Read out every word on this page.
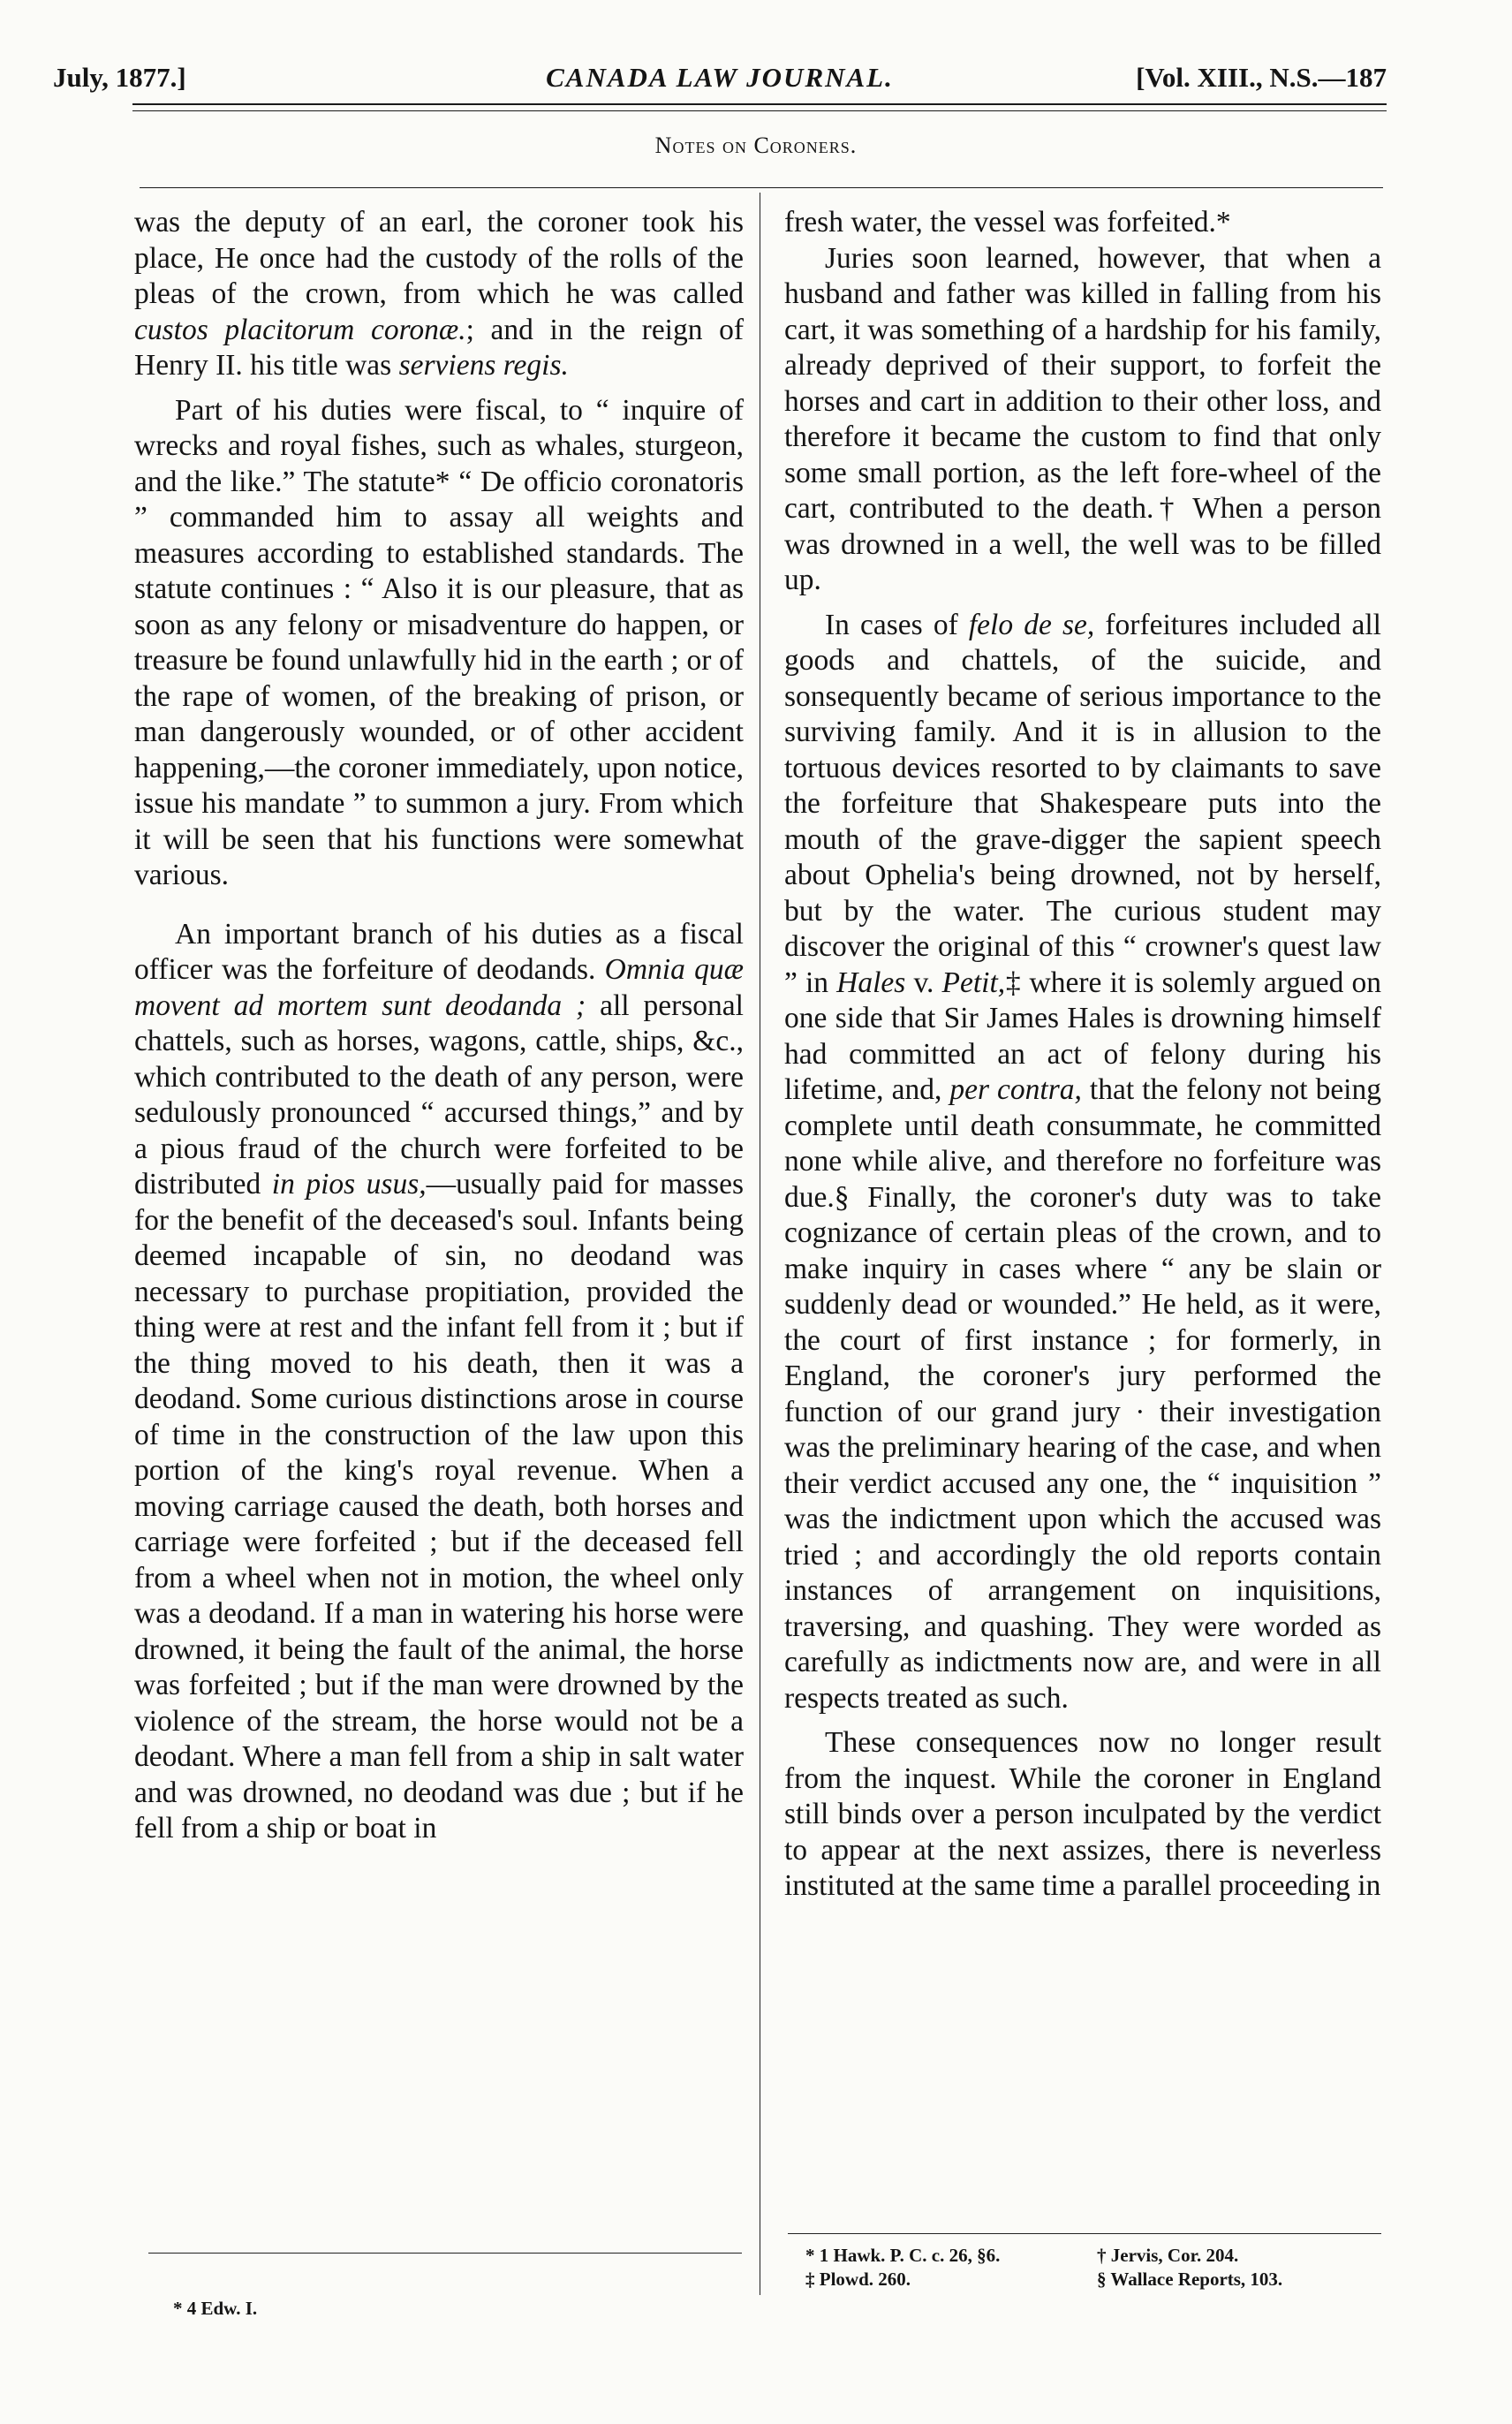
July, 1877.]	CANADA LAW JOURNAL.	[Vol. XIII., N.S.—187
Notes on Coroners.

was the deputy of an earl, the coroner took his place, He once had the custody of the rolls of the pleas of the crown, from which he was called custos placitorum coronæ.; and in the reign of Henry II. his title was serviens regis.

Part of his duties were fiscal, to “ inquire of wrecks and royal fishes, such as whales, sturgeon, and the like.” The statute* “ De officio coronatoris ” commanded him to assay all weights and measures according to established standards. The statute continues : “ Also it is our pleasure, that as soon as any felony or misadventure do happen, or treasure be found unlawfully hid in the earth ; or of the rape of women, of the breaking of prison, or man dangerously wounded, or of other accident happening,—the coroner immediately, upon notice, issue his mandate ” to summon a jury. From which it will be seen that his functions were somewhat various.

An important branch of his duties as a fiscal officer was the forfeiture of deodands. Omnia quæ movent ad mortem sunt deodanda ; all personal chattels, such as horses, wagons, cattle, ships, &c., which contributed to the death of any person, were sedulously pronounced “ accursed things,” and by a pious fraud of the church were forfeited to be distributed in pios usus,—usually paid for masses for the benefit of the deceased's soul. Infants being deemed incapable of sin, no deodand was necessary to purchase propitiation, provided the thing were at rest and the infant fell from it ; but if the thing moved to his death, then it was a deodand. Some curious distinctions arose in course of time in the construction of the law upon this portion of the king's royal revenue. When a moving carriage caused the death, both horses and carriage were forfeited ; but if the deceased fell from a wheel when not in motion, the wheel only was a deodand. If a man in watering his horse were drowned, it being the fault of the animal, the horse was forfeited ; but if the man were drowned by the violence of the stream, the horse would not be a deodant. Where a man fell from a ship in salt water and was drowned, no deodand was due ; but if he fell from a ship or boat in

fresh water, the vessel was forfeited.*

Juries soon learned, however, that when a husband and father was killed in falling from his cart, it was something of a hardship for his family, already deprived of their support, to forfeit the horses and cart in addition to their other loss, and therefore it became the custom to find that only some small portion, as the left fore-wheel of the cart, contributed to the death.† When a person was drowned in a well, the well was to be filled up.

In cases of felo de se, forfeitures included all goods and chattels, of the suicide, and sonsequently became of serious importance to the surviving family. And it is in allusion to the tortuous devices resorted to by claimants to save the forfeiture that Shakespeare puts into the mouth of the grave-digger the sapient speech about Ophelia's being drowned, not by herself, but by the water. The curious student may discover the original of this “ crowner's quest law ” in Hales v. Petit,‡ where it is solemly argued on one side that Sir James Hales is drowning himself had committed an act of felony during his lifetime, and, per contra, that the felony not being complete until death consummate, he committed none while alive, and therefore no forfeiture was due.§ Finally, the coroner's duty was to take cognizance of certain pleas of the crown, and to make inquiry in cases where “ any be slain or suddenly dead or wounded.” He held, as it were, the court of first instance ; for formerly, in England, the coroner's jury performed the function of our grand jury · their investigation was the preliminary hearing of the case, and when their verdict accused any one, the “ inquisition ” was the indictment upon which the accused was tried ; and accordingly the old reports contain instances of arrangement on inquisitions, traversing, and quashing. They were worded as carefully as indictments now are, and were in all respects treated as such.

These consequences now no longer result from the inquest. While the coroner in England still binds over a person inculpated by the verdict to appear at the next assizes, there is neverless instituted at the same time a parallel proceeding in

* 4 Edw. I.
* 1 Hawk. P. C. c. 26, §6.	† Jervis, Cor. 204.
‡ Plowd. 260.	§ Wallace Reports, 103.
